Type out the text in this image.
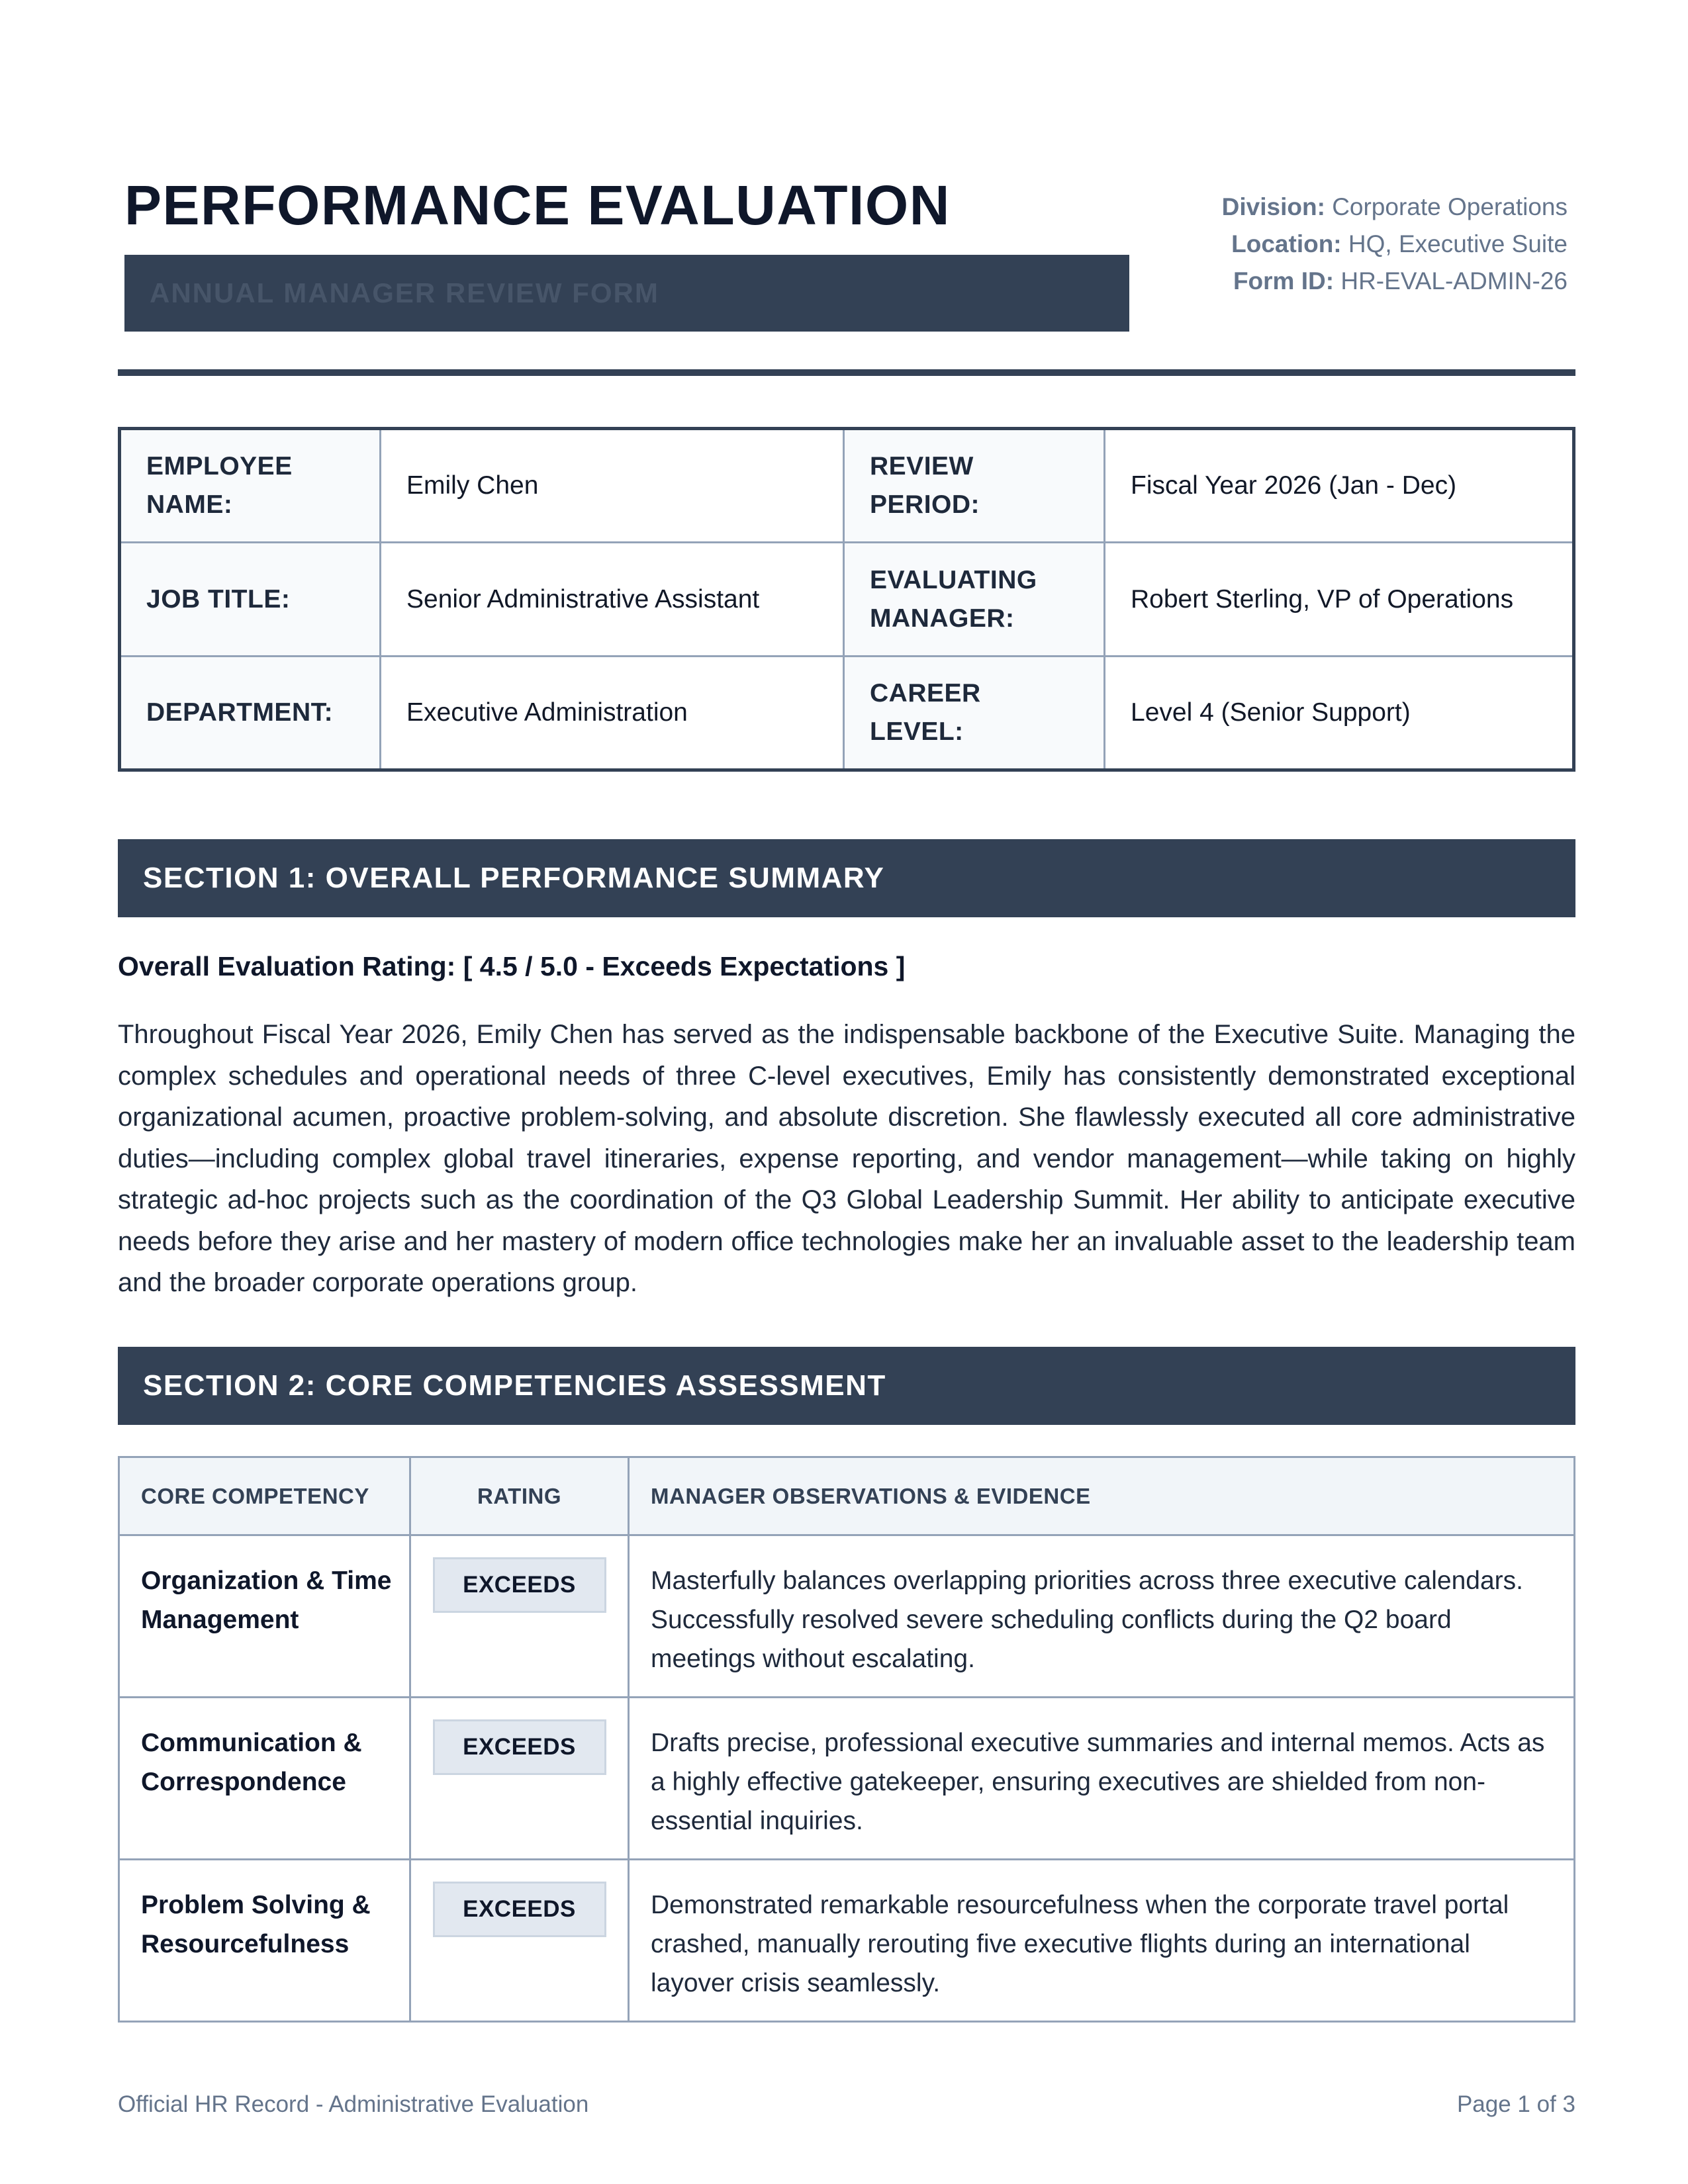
PERFORMANCE EVALUATION
ANNUAL MANAGER REVIEW FORM
Division: Corporate Operations
Location: HQ, Executive Suite
Form ID: HR-EVAL-ADMIN-26
EMPLOYEE NAME:	Emily Chen	REVIEW PERIOD:	Fiscal Year 2026 (Jan - Dec)
JOB TITLE:	Senior Administrative Assistant	EVALUATING MANAGER:	Robert Sterling, VP of Operations
DEPARTMENT:	Executive Administration	CAREER LEVEL:	Level 4 (Senior Support)
SECTION 1: OVERALL PERFORMANCE SUMMARY
Overall Evaluation Rating: [ 4.5 / 5.0 - Exceeds Expectations ]

Throughout Fiscal Year 2026, Emily Chen has served as the indispensable backbone of the Executive Suite. Managing the complex schedules and operational needs of three C-level executives, Emily has consistently demonstrated exceptional organizational acumen, proactive problem-solving, and absolute discretion. She flawlessly executed all core administrative duties—including complex global travel itineraries, expense reporting, and vendor management—while taking on highly strategic ad-hoc projects such as the coordination of the Q3 Global Leadership Summit. Her ability to anticipate executive needs before they arise and her mastery of modern office technologies make her an invaluable asset to the leadership team and the broader corporate operations group.

SECTION 2: CORE COMPETENCIES ASSESSMENT
CORE COMPETENCY	RATING	MANAGER OBSERVATIONS & EVIDENCE
Organization & Time Management	EXCEEDS	Masterfully balances overlapping priorities across three executive calendars. Successfully resolved severe scheduling conflicts during the Q2 board meetings without escalating.
Communication & Correspondence	EXCEEDS	Drafts precise, professional executive summaries and internal memos. Acts as a highly effective gatekeeper, ensuring executives are shielded from non-essential inquiries.
Problem Solving & Resourcefulness	EXCEEDS	Demonstrated remarkable resourcefulness when the corporate travel portal crashed, manually rerouting five executive flights during an international layover crisis seamlessly.
Official HR Record - Administrative Evaluation	Page 1 of 3
